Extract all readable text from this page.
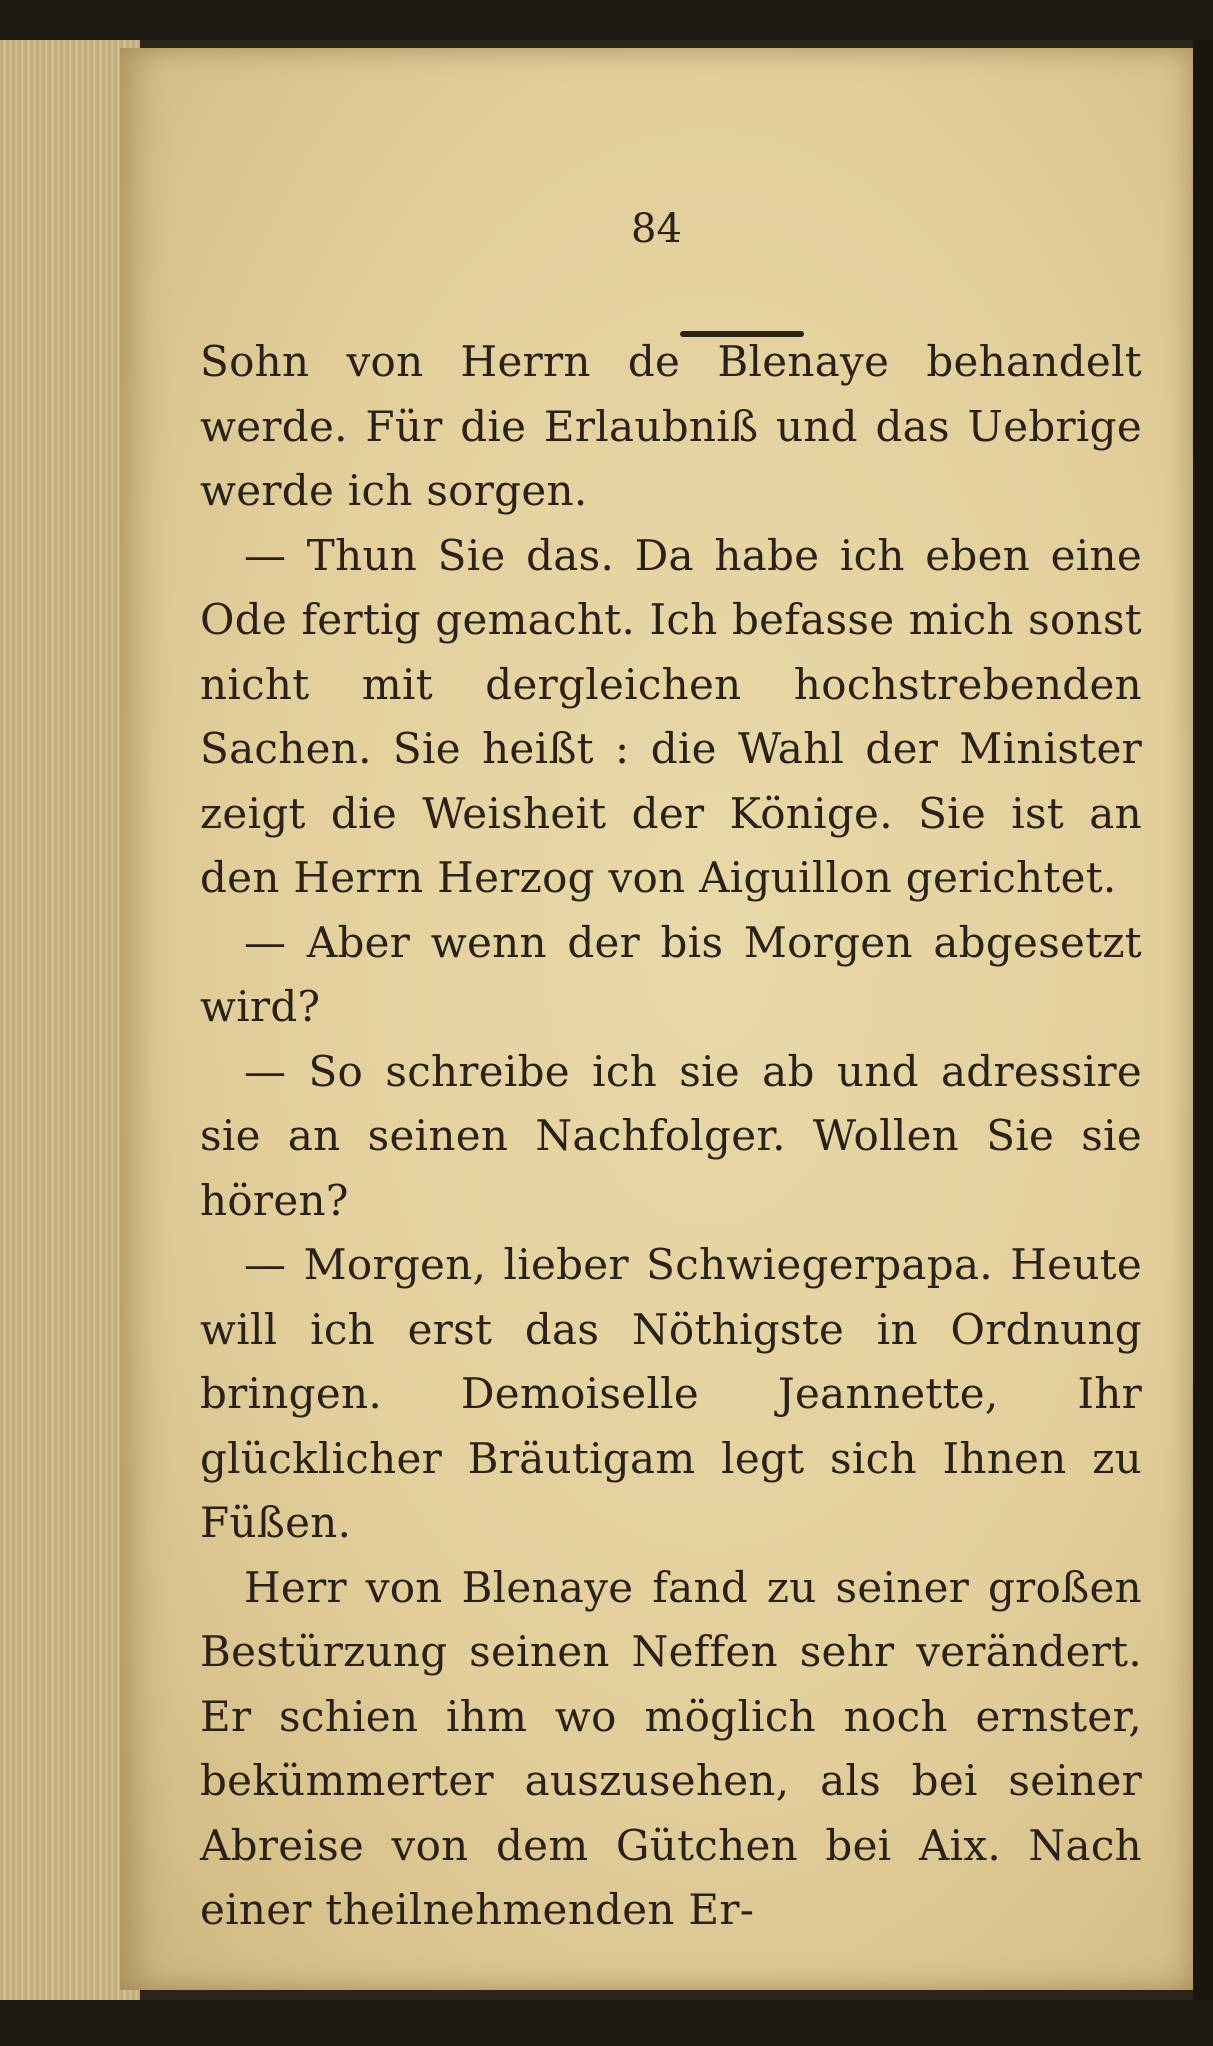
84

Sohn von Herrn de Blenaye behandelt werde. Für die Erlaubniß und das Uebrige werde ich sorgen.

— Thun Sie das. Da habe ich eben eine Ode fertig gemacht. Ich befasse mich sonst nicht mit dergleichen hochstrebenden Sachen. Sie heißt : die Wahl der Minister zeigt die Weisheit der Könige. Sie ist an den Herrn Herzog von Aiguillon gerichtet.

— Aber wenn der bis Morgen abgesetzt wird?

— So schreibe ich sie ab und adressire sie an seinen Nachfolger. Wollen Sie sie hören?

— Morgen, lieber Schwiegerpapa. Heute will ich erst das Nöthigste in Ordnung bringen. Demoiselle Jeannette, Ihr glücklicher Bräutigam legt sich Ihnen zu Füßen.

Herr von Blenaye fand zu seiner großen Bestürzung seinen Neffen sehr verändert. Er schien ihm wo möglich noch ernster, bekümmerter auszusehen, als bei seiner Abreise von dem Gütchen bei Aix. Nach einer theilnehmenden Er-
